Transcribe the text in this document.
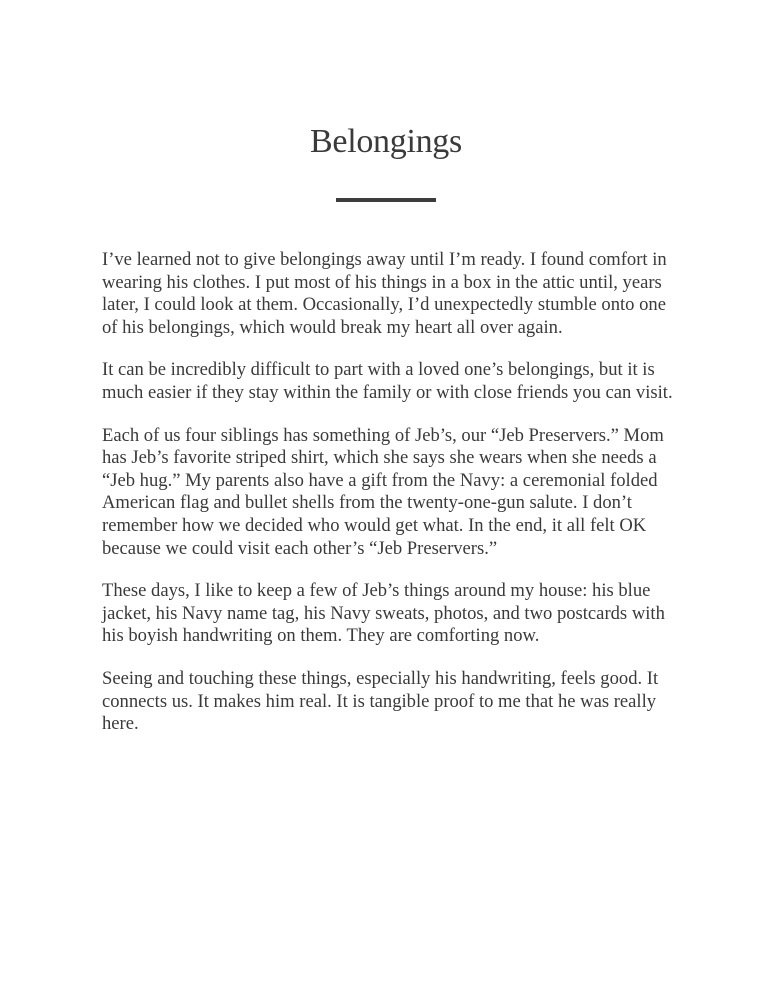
Belongings

I’ve learned not to give belongings away until I’m ready. I found comfort in wearing his clothes. I put most of his things in a box in the attic until, years later, I could look at them. Occasionally, I’d unexpectedly stumble onto one of his belongings, which would break my heart all over again.

It can be incredibly difficult to part with a loved one’s belongings, but it is much easier if they stay within the family or with close friends you can visit.

Each of us four siblings has something of Jeb’s, our “Jeb Preservers.” Mom has Jeb’s favorite striped shirt, which she says she wears when she needs a “Jeb hug.” My parents also have a gift from the Navy: a ceremonial folded American flag and bullet shells from the twenty-one-gun salute. I don’t remember how we decided who would get what. In the end, it all felt OK because we could visit each other’s “Jeb Preservers.”

These days, I like to keep a few of Jeb’s things around my house: his blue jacket, his Navy name tag, his Navy sweats, photos, and two postcards with his boyish handwriting on them. They are comforting now.

Seeing and touching these things, especially his handwriting, feels good. It connects us. It makes him real. It is tangible proof to me that he was really here.
